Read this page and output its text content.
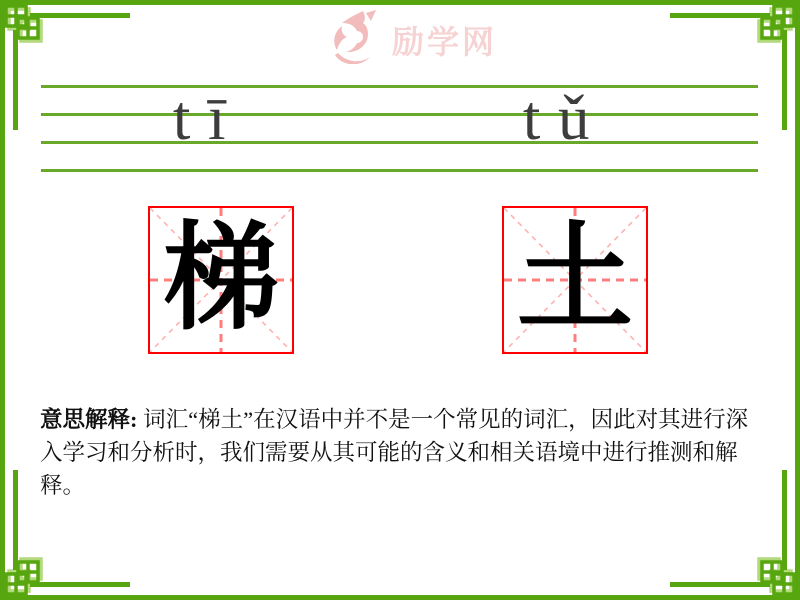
励学网
tī	tǔ
梯 土
意思解释: 词汇“梯土”在汉语中并不是一个常见的词汇，因此对其进行深入学习和分析时，我们需要从其可能的含义和相关语境中进行推测和解释。
